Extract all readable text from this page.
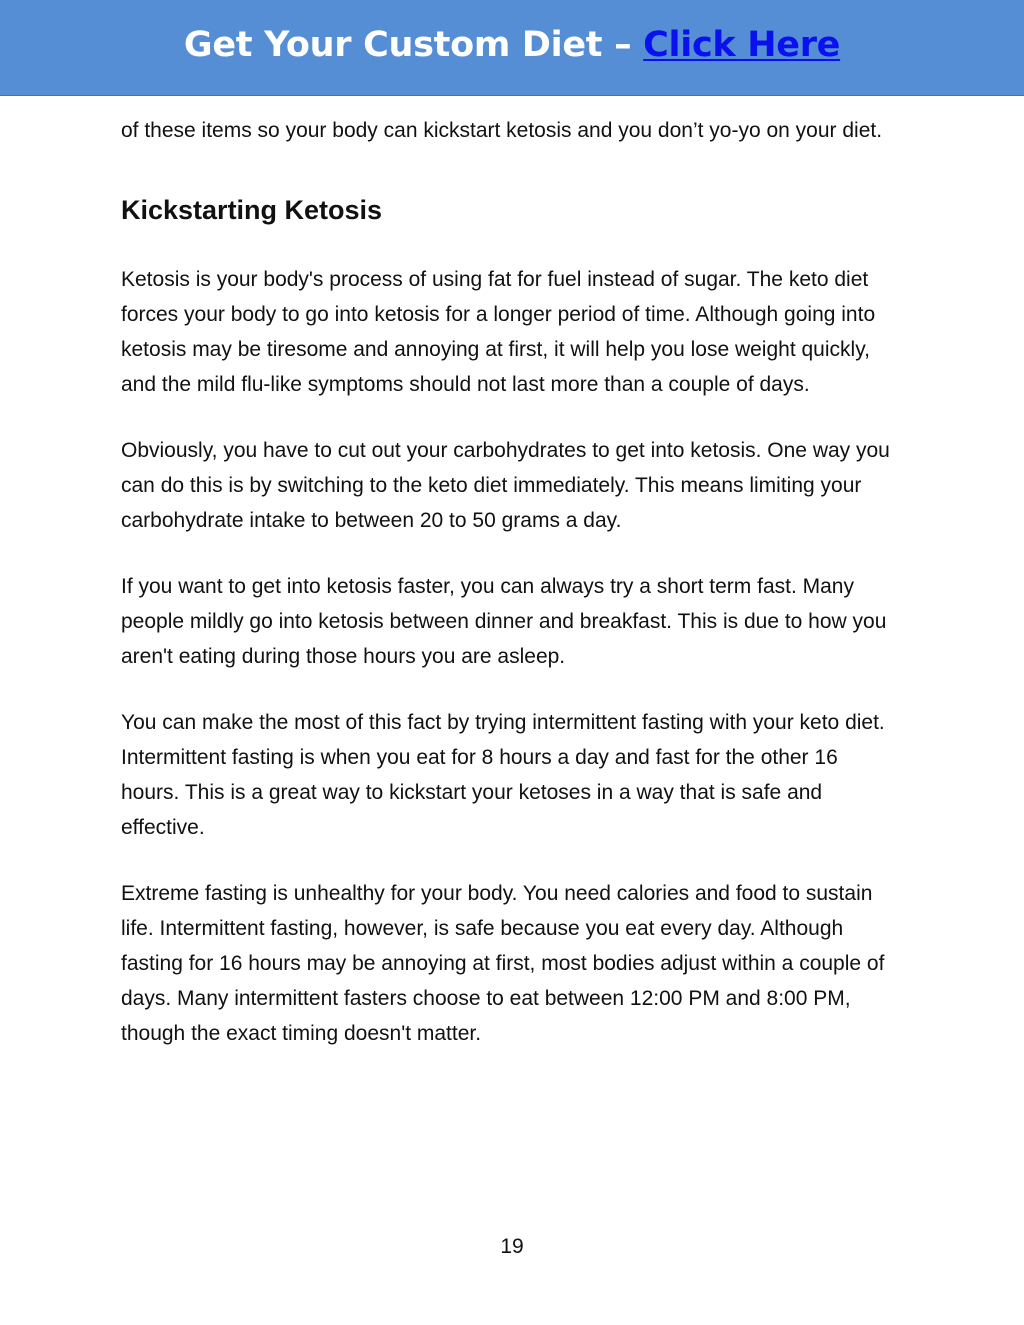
Get Your Custom Diet – Click Here

of these items so your body can kickstart ketosis and you don’t yo-yo on your diet.

Kickstarting Ketosis

Ketosis is your body's process of using fat for fuel instead of sugar. The keto diet forces your body to go into ketosis for a longer period of time. Although going into ketosis may be tiresome and annoying at first, it will help you lose weight quickly, and the mild flu-like symptoms should not last more than a couple of days.

Obviously, you have to cut out your carbohydrates to get into ketosis. One way you can do this is by switching to the keto diet immediately. This means limiting your carbohydrate intake to between 20 to 50 grams a day.

If you want to get into ketosis faster, you can always try a short term fast. Many people mildly go into ketosis between dinner and breakfast. This is due to how you aren't eating during those hours you are asleep.

You can make the most of this fact by trying intermittent fasting with your keto diet. Intermittent fasting is when you eat for 8 hours a day and fast for the other 16 hours. This is a great way to kickstart your ketoses in a way that is safe and effective.

Extreme fasting is unhealthy for your body. You need calories and food to sustain life. Intermittent fasting, however, is safe because you eat every day. Although fasting for 16 hours may be annoying at first, most bodies adjust within a couple of days. Many intermittent fasters choose to eat between 12:00 PM and 8:00 PM, though the exact timing doesn't matter.

19
